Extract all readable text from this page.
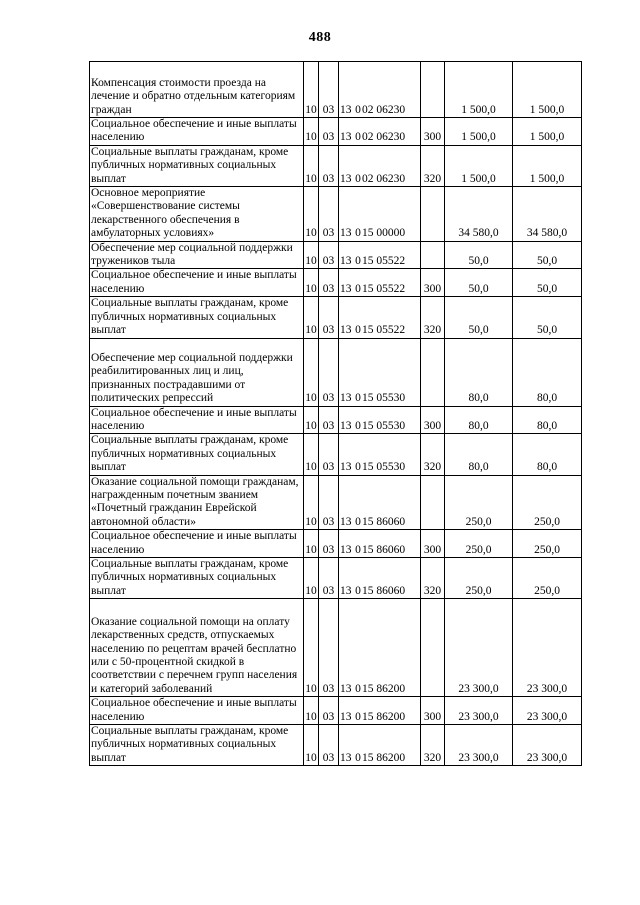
488
Компенсация стоимости проезда на лечение и обратно отдельным категориям граждан	10	03	13 002 06230		1 500,0	1 500,0
Социальное обеспечение и иные выплаты населению	10	03	13 002 06230	300	1 500,0	1 500,0
Социальные выплаты гражданам, кроме публичных нормативных социальных выплат	10	03	13 002 06230	320	1 500,0	1 500,0
Основное мероприятие «Совершенствование системы лекарственного обеспечения в амбулаторных условиях»	10	03	13 015 00000		34 580,0	34 580,0
Обеспечение мер социальной поддержки тружеников тыла	10	03	13 015 05522		50,0	50,0
Социальное обеспечение и иные выплаты населению	10	03	13 015 05522	300	50,0	50,0
Социальные выплаты гражданам, кроме публичных нормативных социальных выплат	10	03	13 015 05522	320	50,0	50,0
Обеспечение мер социальной поддержки реабилитированных лиц и лиц, признанных пострадавшими от политических репрессий	10	03	13 015 05530		80,0	80,0
Социальное обеспечение и иные выплаты населению	10	03	13 015 05530	300	80,0	80,0
Социальные выплаты гражданам, кроме публичных нормативных социальных выплат	10	03	13 015 05530	320	80,0	80,0
Оказание социальной помощи гражданам, награжденным почетным званием «Почетный гражданин Еврейской автономной области»	10	03	13 015 86060		250,0	250,0
Социальное обеспечение и иные выплаты населению	10	03	13 015 86060	300	250,0	250,0
Социальные выплаты гражданам, кроме публичных нормативных социальных выплат	10	03	13 015 86060	320	250,0	250,0
Оказание социальной помощи на оплату лекарственных средств, отпускаемых населению по рецептам врачей бесплатно или с 50-процентной скидкой в соответствии с перечнем групп населения и категорий заболеваний	10	03	13 015 86200		23 300,0	23 300,0
Социальное обеспечение и иные выплаты населению	10	03	13 015 86200	300	23 300,0	23 300,0
Социальные выплаты гражданам, кроме публичных нормативных социальных выплат	10	03	13 015 86200	320	23 300,0	23 300,0
